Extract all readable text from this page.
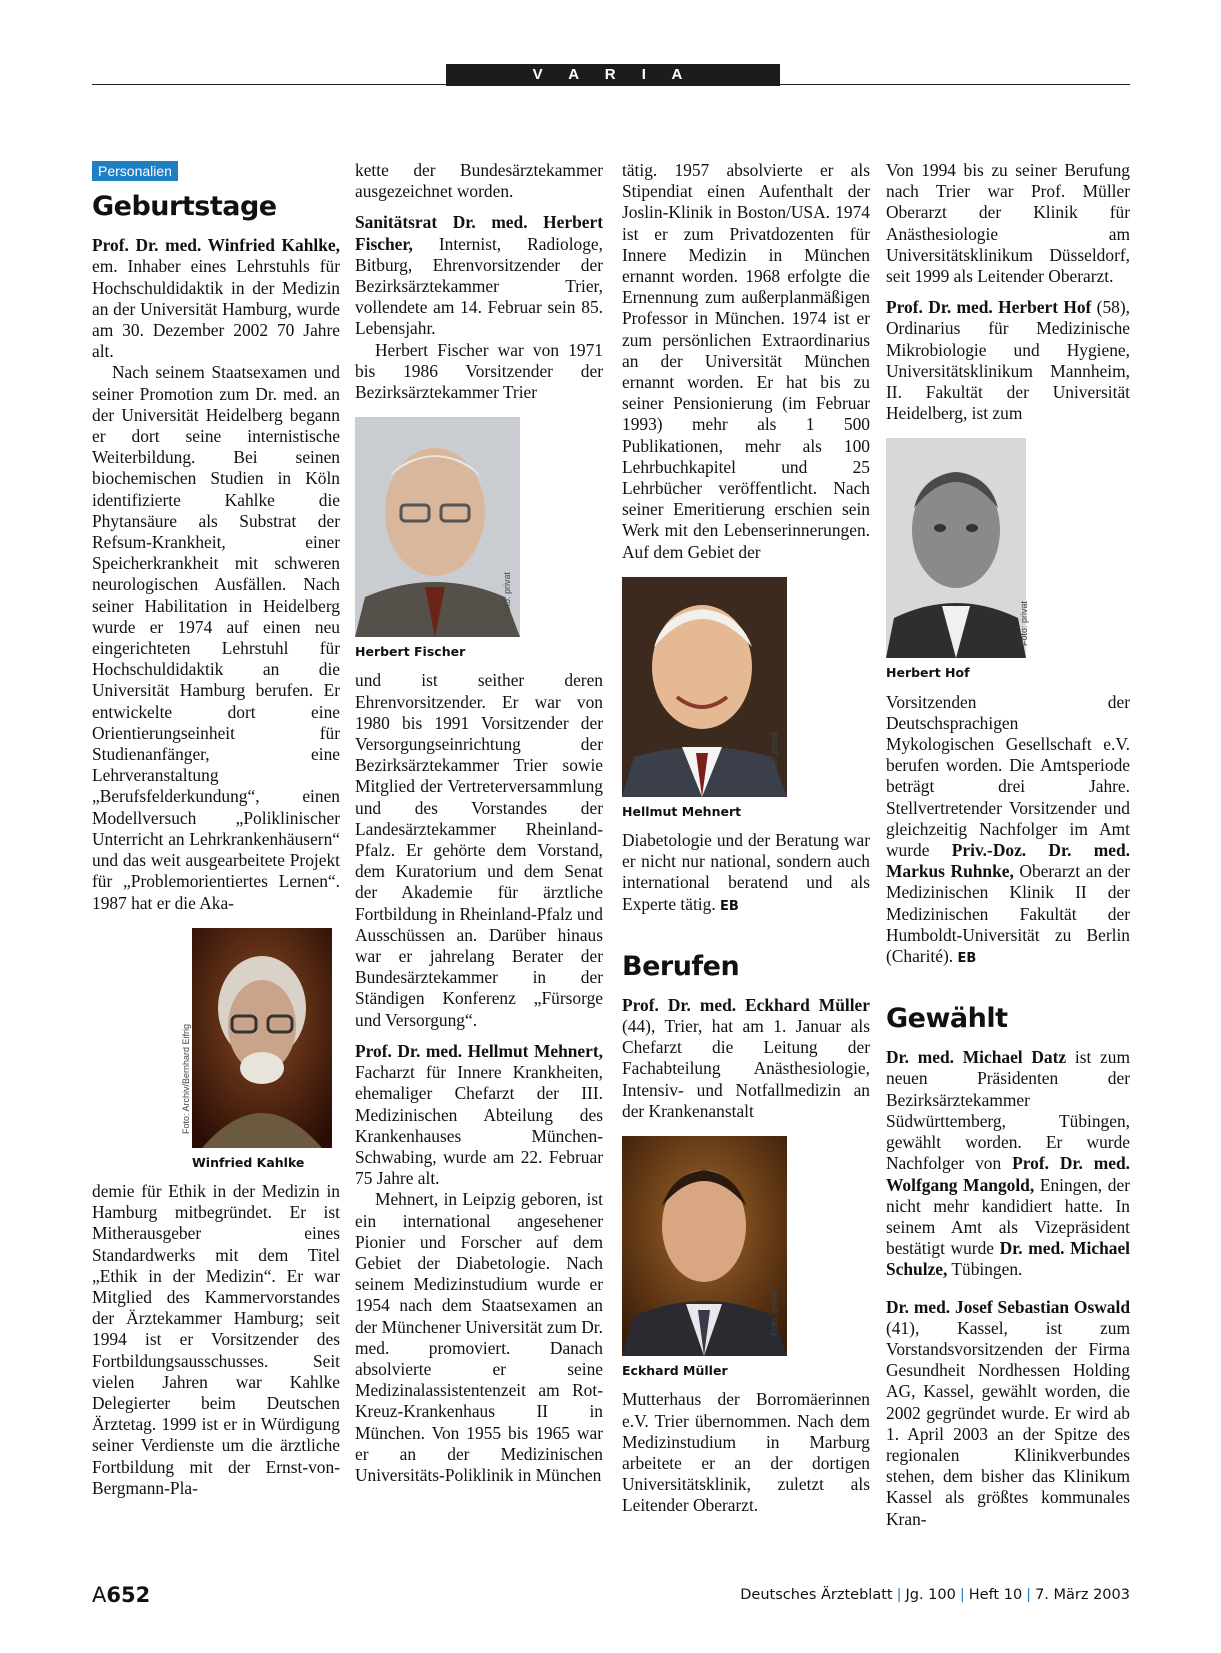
V A R I A
Personalien
Geburtstage

Prof. Dr. med. Winfried Kahlke, em. Inhaber eines Lehrstuhls für Hochschuldidaktik in der Medizin an der Universität Hamburg, wurde am 30. Dezember 2002 70 Jahre alt.

Nach seinem Staatsexamen und seiner Promotion zum Dr. med. an der Universität Heidelberg begann er dort seine internistische Weiterbildung. Bei seinen biochemischen Studien in Köln identifizierte Kahlke die Phytansäure als Substrat der Refsum-Krankheit, einer Speicherkrankheit mit schweren neurologischen Ausfällen. Nach seiner Habilitation in Heidelberg wurde er 1974 auf einen neu eingerichteten Lehrstuhl für Hochschuldidaktik an die Universität Hamburg berufen. Er entwickelte dort eine Orientierungseinheit für Studienanfänger, eine Lehrveranstaltung „Berufsfelderkundung“, einen Modellversuch „Poliklinischer Unterricht an Lehrkrankenhäusern“ und das weit ausgearbeitete Projekt für „Problemorientiertes Lernen“. 1987 hat er die Aka-

Foto: Archiv/Bernhard Eifrig
Winfried Kahlke

demie für Ethik in der Medizin in Hamburg mitbegründet. Er ist Mitherausgeber eines Standardwerks mit dem Titel „Ethik in der Medizin“. Er war Mitglied des Kammervorstandes der Ärztekammer Hamburg; seit 1994 ist er Vorsitzender des Fortbildungsausschusses. Seit vielen Jahren war Kahlke Delegierter beim Deutschen Ärztetag. 1999 ist er in Würdigung seiner Verdienste um die ärztliche Fortbildung mit der Ernst-von-Bergmann-Pla-

kette der Bundesärztekammer ausgezeichnet worden.

Sanitätsrat Dr. med. Herbert Fischer, Internist, Radiologe, Bitburg, Ehrenvorsitzender der Bezirksärztekammer Trier, vollendete am 14. Februar sein 85. Lebensjahr.

Herbert Fischer war von 1971 bis 1986 Vorsitzender der Bezirksärztekammer Trier

Foto: privat
Herbert Fischer

und ist seither deren Ehrenvorsitzender. Er war von 1980 bis 1991 Vorsitzender der Versorgungseinrichtung der Bezirksärztekammer Trier sowie Mitglied der Vertreterversammlung und des Vorstandes der Landesärztekammer Rheinland-Pfalz. Er gehörte dem Vorstand, dem Kuratorium und dem Senat der Akademie für ärztliche Fortbildung in Rheinland-Pfalz und Ausschüssen an. Darüber hinaus war er jahrelang Berater der Bundesärztekammer in der Ständigen Konferenz „Fürsorge und Versorgung“.

Prof. Dr. med. Hellmut Mehnert, Facharzt für Innere Krankheiten, ehemaliger Chefarzt der III. Medizinischen Abteilung des Krankenhauses München-Schwabing, wurde am 22. Februar 75 Jahre alt.

Mehnert, in Leipzig geboren, ist ein international angesehener Pionier und Forscher auf dem Gebiet der Diabetologie. Nach seinem Medizinstudium wurde er 1954 nach dem Staatsexamen an der Münchener Universität zum Dr. med. promoviert. Danach absolvierte er seine Medizinalassistentenzeit am Rot-Kreuz-Krankenhaus II in München. Von 1955 bis 1965 war er an der Medizinischen Universitäts-Poliklinik in München

tätig. 1957 absolvierte er als Stipendiat einen Aufenthalt der Joslin-Klinik in Boston/USA. 1974 ist er zum Privatdozenten für Innere Medizin in München ernannt worden. 1968 erfolgte die Ernennung zum außerplanmäßigen Professor in München. 1974 ist er zum persönlichen Extraordinarius an der Universität München ernannt worden. Er hat bis zu seiner Pensionierung (im Februar 1993) mehr als 1 500 Publikationen, mehr als 100 Lehrbuchkapitel und 25 Lehrbücher veröffentlicht. Nach seiner Emeritierung erschien sein Werk mit den Lebenserinnerungen. Auf dem Gebiet der

Foto: privat
Hellmut Mehnert

Diabetologie und der Beratung war er nicht nur national, sondern auch international beratend und als Experte tätig. EB

Berufen

Prof. Dr. med. Eckhard Müller (44), Trier, hat am 1. Januar als Chefarzt die Leitung der Fachabteilung Anästhesiologie, Intensiv- und Notfallmedizin an der Krankenanstalt

Foto: privat
Eckhard Müller

Mutterhaus der Borromäerinnen e.V. Trier übernommen. Nach dem Medizinstudium in Marburg arbeitete er an der dortigen Universitätsklinik, zuletzt als Leitender Oberarzt.

Von 1994 bis zu seiner Berufung nach Trier war Prof. Müller Oberarzt der Klinik für Anästhesiologie am Universitätsklinikum Düsseldorf, seit 1999 als Leitender Oberarzt.

Prof. Dr. med. Herbert Hof (58), Ordinarius für Medizinische Mikrobiologie und Hygiene, Universitätsklinikum Mannheim, II. Fakultät der Universität Heidelberg, ist zum

Foto: privat
Herbert Hof

Vorsitzenden der Deutschsprachigen Mykologischen Gesellschaft e.V. berufen worden. Die Amtsperiode beträgt drei Jahre. Stellvertretender Vorsitzender und gleichzeitig Nachfolger im Amt wurde Priv.-Doz. Dr. med. Markus Ruhnke, Oberarzt an der Medizinischen Klinik II der Medizinischen Fakultät der Humboldt-Universität zu Berlin (Charité). EB

Gewählt

Dr. med. Michael Datz ist zum neuen Präsidenten der Bezirksärztekammer Südwürttemberg, Tübingen, gewählt worden. Er wurde Nachfolger von Prof. Dr. med. Wolfgang Mangold, Eningen, der nicht mehr kandidiert hatte. In seinem Amt als Vizepräsident bestätigt wurde Dr. med. Michael Schulze, Tübingen.

Dr. med. Josef Sebastian Oswald (41), Kassel, ist zum Vorstandsvorsitzenden der Firma Gesundheit Nordhessen Holding AG, Kassel, gewählt worden, die 2002 gegründet wurde. Er wird ab 1. April 2003 an der Spitze des regionalen Klinikverbundes stehen, dem bisher das Klinikum Kassel als größtes kommunales Kran-

A652	Deutsches Ärzteblatt | Jg. 100 | Heft 10 | 7. März 2003
